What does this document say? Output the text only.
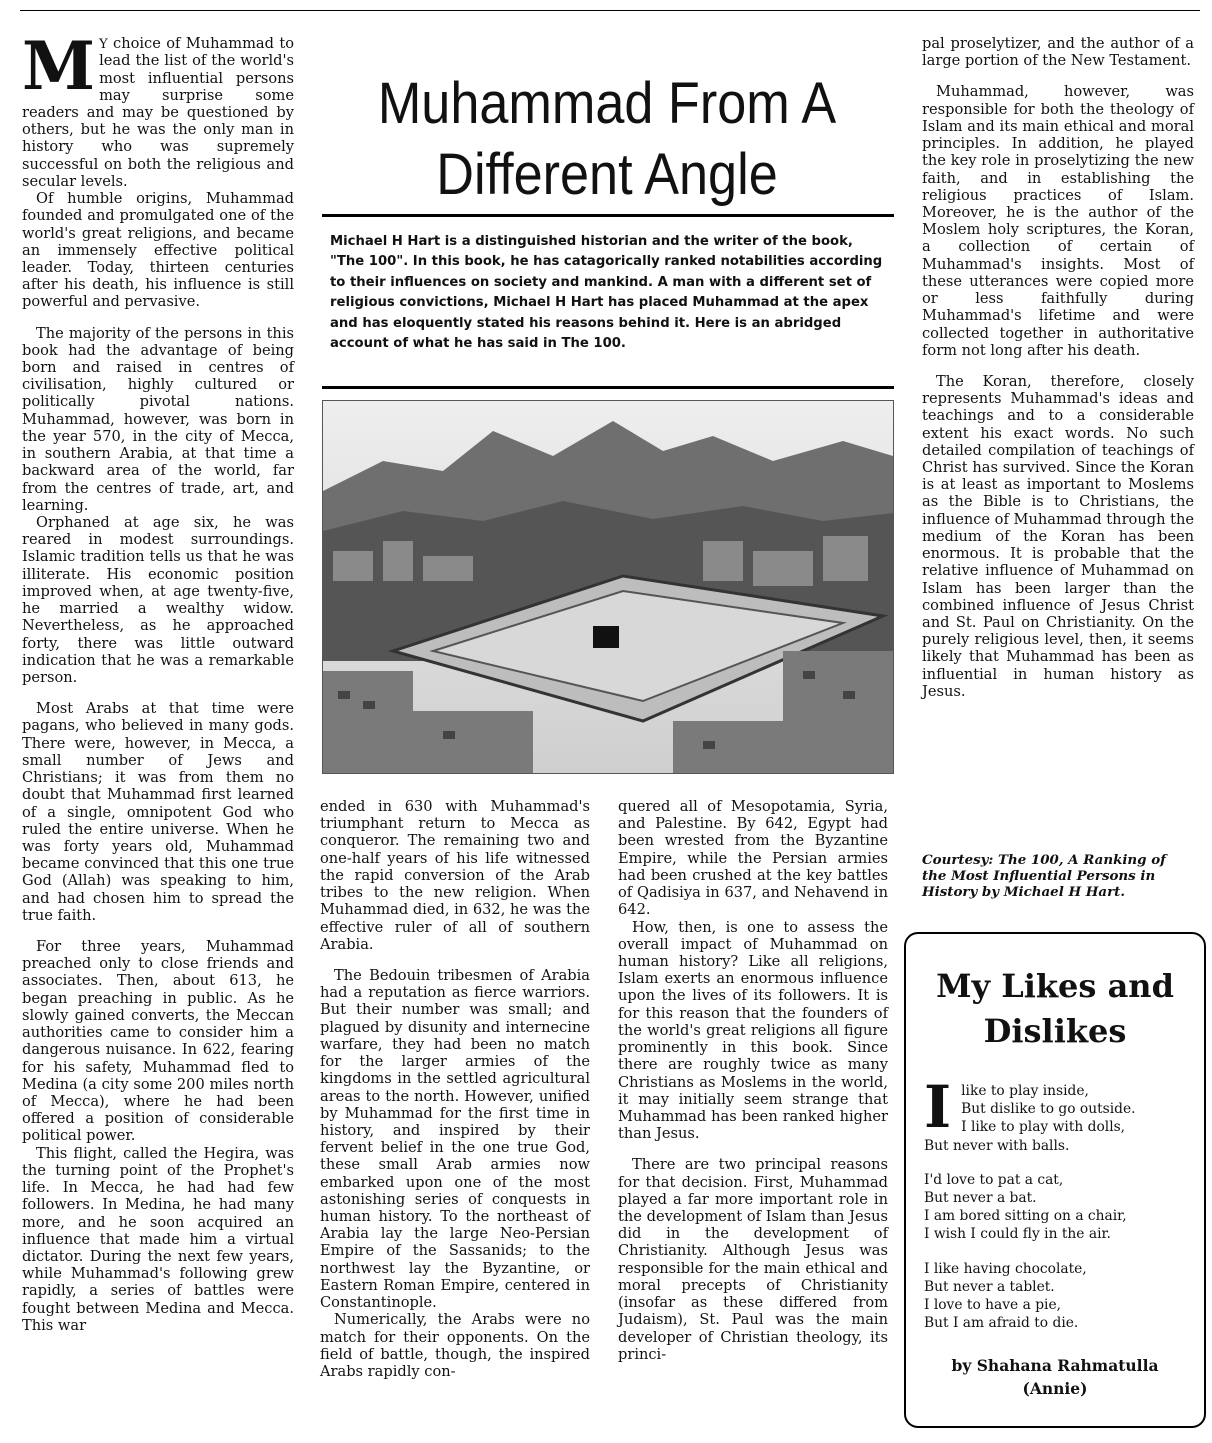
M Y choice of Muhammad to lead the list of the world's most influential persons may surprise some readers and may be questioned by others, but he was the only man in history who was supremely successful on both the religious and secular levels.

Of humble origins, Muhammad founded and promulgated one of the world's great religions, and became an immensely effective political leader. Today, thirteen centuries after his death, his influence is still powerful and pervasive.

The majority of the persons in this book had the advantage of being born and raised in centres of civilisation, highly cultured or politically pivotal nations. Muhammad, however, was born in the year 570, in the city of Mecca, in southern Arabia, at that time a backward area of the world, far from the centres of trade, art, and learning.

Orphaned at age six, he was reared in modest surroundings. Islamic tradition tells us that he was illiterate. His economic position improved when, at age twenty-five, he married a wealthy widow. Nevertheless, as he approached forty, there was little outward indication that he was a remarkable person.

Most Arabs at that time were pagans, who believed in many gods. There were, however, in Mecca, a small number of Jews and Christians; it was from them no doubt that Muhammad first learned of a single, omnipotent God who ruled the entire universe. When he was forty years old, Muhammad became convinced that this one true God (Allah) was speaking to him, and had chosen him to spread the true faith.

For three years, Muhammad preached only to close friends and associates. Then, about 613, he began preaching in public. As he slowly gained converts, the Meccan authorities came to consider him a dangerous nuisance. In 622, fearing for his safety, Muhammad fled to Medina (a city some 200 miles north of Mecca), where he had been offered a position of considerable political power.

This flight, called the Hegira, was the turning point of the Prophet's life. In Mecca, he had had few followers. In Medina, he had many more, and he soon acquired an influence that made him a virtual dictator. During the next few years, while Muhammad's following grew rapidly, a series of battles were fought between Medina and Mecca. This war

Muhammad From A Different Angle
Michael H Hart is a distinguished historian and the writer of the book, "The 100". In this book, he has catagorically ranked notabilities according to their influences on society and mankind. A man with a different set of religious convictions, Michael H Hart has placed Muhammad at the apex and has eloquently stated his reasons behind it. Here is an abridged account of what he has said in The 100.

ended in 630 with Muhammad's triumphant return to Mecca as conqueror. The remaining two and one-half years of his life witnessed the rapid conversion of the Arab tribes to the new religion. When Muhammad died, in 632, he was the effective ruler of all of southern Arabia.

The Bedouin tribesmen of Arabia had a reputation as fierce warriors. But their number was small; and plagued by disunity and internecine warfare, they had been no match for the larger armies of the kingdoms in the settled agricultural areas to the north. However, unified by Muhammad for the first time in history, and inspired by their fervent belief in the one true God, these small Arab armies now embarked upon one of the most astonishing series of conquests in human history. To the northeast of Arabia lay the large Neo-Persian Empire of the Sassanids; to the northwest lay the Byzantine, or Eastern Roman Empire, centered in Constantinople.

Numerically, the Arabs were no match for their opponents. On the field of battle, though, the inspired Arabs rapidly con-

quered all of Mesopotamia, Syria, and Palestine. By 642, Egypt had been wrested from the Byzantine Empire, while the Persian armies had been crushed at the key battles of Qadisiya in 637, and Nehavend in 642.

How, then, is one to assess the overall impact of Muhammad on human history? Like all religions, Islam exerts an enormous influence upon the lives of its followers. It is for this reason that the founders of the world's great religions all figure prominently in this book. Since there are roughly twice as many Christians as Moslems in the world, it may initially seem strange that Muhammad has been ranked higher than Jesus.

There are two principal reasons for that decision. First, Muhammad played a far more important role in the development of Islam than Jesus did in the development of Christianity. Although Jesus was responsible for the main ethical and moral precepts of Christianity (insofar as these differed from Judaism), St. Paul was the main developer of Christian theology, its princi-

pal proselytizer, and the author of a large portion of the New Testament.

Muhammad, however, was responsible for both the theology of Islam and its main ethical and moral principles. In addition, he played the key role in proselytizing the new faith, and in establishing the religious practices of Islam. Moreover, he is the author of the Moslem holy scriptures, the Koran, a collection of certain of Muhammad's insights. Most of these utterances were copied more or less faithfully during Muhammad's lifetime and were collected together in authoritative form not long after his death.

The Koran, therefore, closely represents Muhammad's ideas and teachings and to a considerable extent his exact words. No such detailed compilation of teachings of Christ has survived. Since the Koran is at least as important to Moslems as the Bible is to Christians, the influence of Muhammad through the medium of the Koran has been enormous. It is probable that the relative influence of Muhammad on Islam has been larger than the combined influence of Jesus Christ and St. Paul on Christianity. On the purely religious level, then, it seems likely that Muhammad has been as influential in human history as Jesus.

Courtesy: The 100, A Ranking of the Most Influential Persons in History by Michael H Hart.
My Likes and Dislikes
I like to play inside,
But dislike to go outside.
I like to play with dolls,
But never with balls.
I'd love to pat a cat,
But never a bat.
I am bored sitting on a chair,
I wish I could fly in the air.
I like having chocolate,
But never a tablet.
I love to have a pie,
But I am afraid to die.
by Shahana Rahmatulla
(Annie)
